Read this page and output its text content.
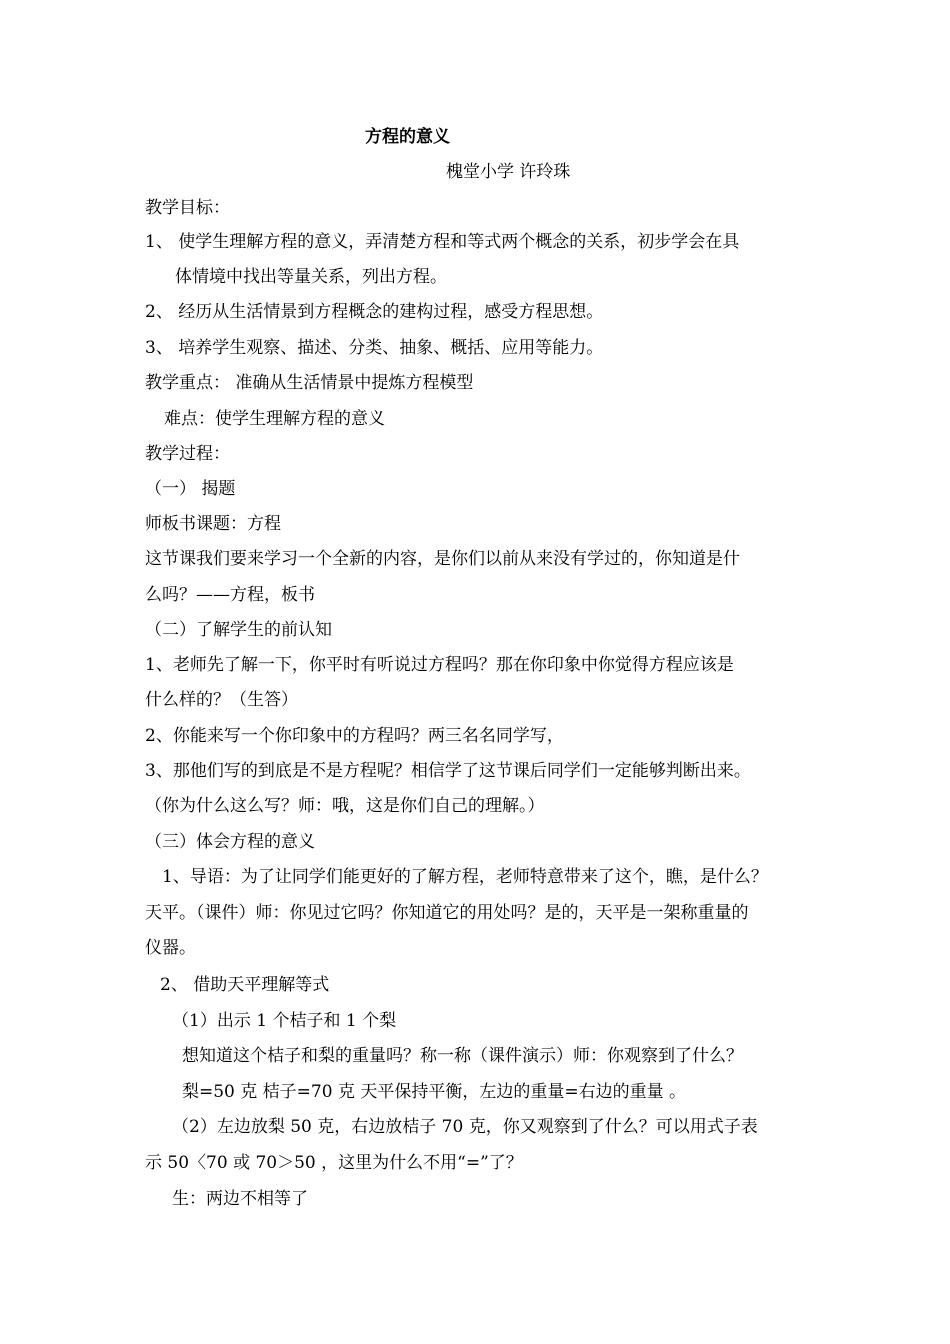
方程的意义
槐堂小学 许玲珠
教学目标：
1、 使学生理解方程的意义，弄清楚方程和等式两个概念的关系，初步学会在具
体情境中找出等量关系，列出方程。
2、 经历从生活情景到方程概念的建构过程，感受方程思想。
3、 培养学生观察、描述、分类、抽象、概括、应用等能力。
教学重点： 准确从生活情景中提炼方程模型
难点：使学生理解方程的意义
教学过程：
（一） 揭题
师板书课题：方程
这节课我们要来学习一个全新的内容，是你们以前从来没有学过的，你知道是什
么吗？——方程，板书
（二）了解学生的前认知
1、老师先了解一下，你平时有听说过方程吗？那在你印象中你觉得方程应该是
什么样的？（生答）
2、你能来写一个你印象中的方程吗？两三名名同学写，
3、那他们写的到底是不是方程呢？相信学了这节课后同学们一定能够判断出来。
（你为什么这么写？师：哦，这是你们自己的理解。）
（三）体会方程的意义
1、导语：为了让同学们能更好的了解方程，老师特意带来了这个，瞧，是什么？
天平。（课件）师：你见过它吗？你知道它的用处吗？是的，天平是一架称重量的
仪器。
2、 借助天平理解等式
（1）出示 1 个桔子和 1 个梨
想知道这个桔子和梨的重量吗？称一称（课件演示）师：你观察到了什么？
梨=50 克 桔子=70 克 天平保持平衡，左边的重量=右边的重量 。
（2）左边放梨 50 克，右边放桔子 70 克，你又观察到了什么？可以用式子表
示 50〈70 或 70＞50 ，这里为什么不用“=”了？
生：两边不相等了
